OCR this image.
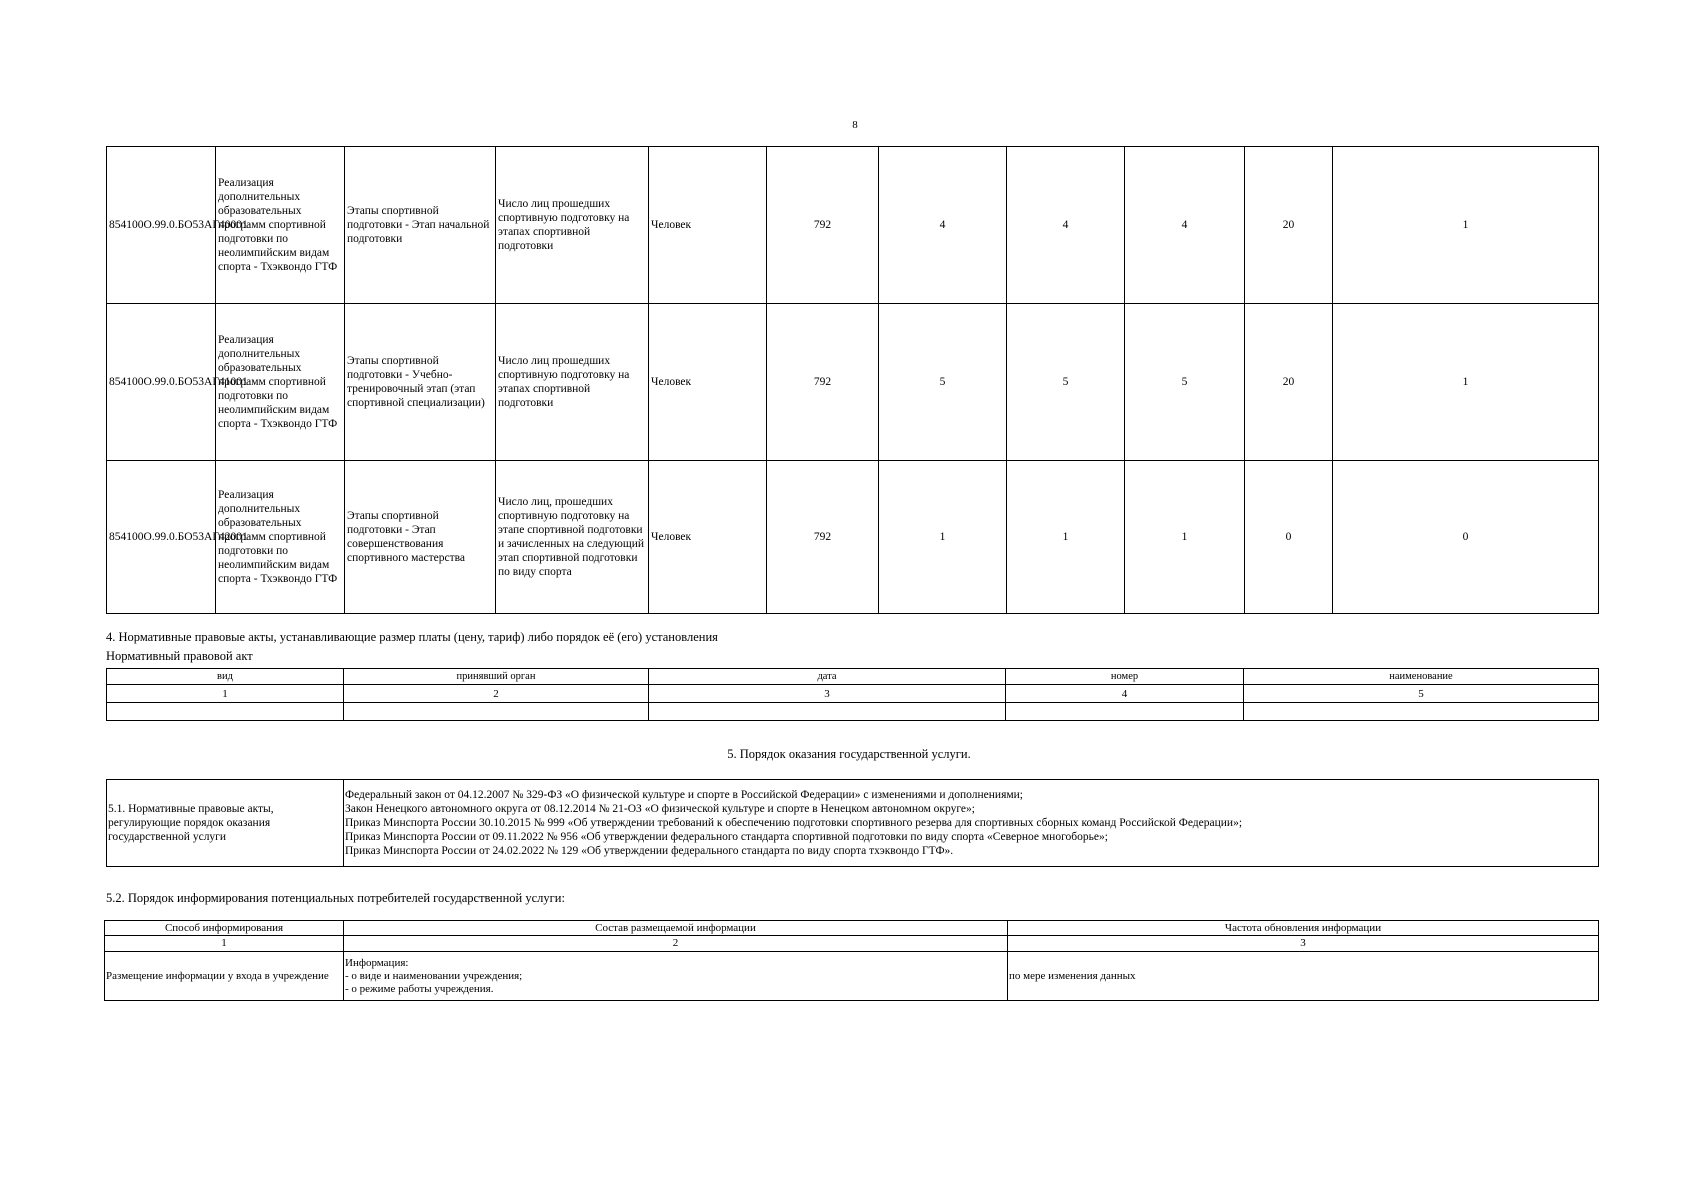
8
854100О.99.0.БО53АГ40001	Реализация дополнительных образовательных программ спортивной подготовки по неолимпийским видам спорта - Тхэквондо ГТФ	Этапы спортивной подготовки - Этап начальной подготовки	Число лиц прошедших спортивную подготовку на этапах спортивной подготовки	Человек	792	4	4	4	20	1
854100О.99.0.БО53АГ41001	Реализация дополнительных образовательных программ спортивной подготовки по неолимпийским видам спорта - Тхэквондо ГТФ	Этапы спортивной подготовки - Учебно-тренировочный этап (этап спортивной специализации)	Число лиц прошедших спортивную подготовку на этапах спортивной подготовки	Человек	792	5	5	5	20	1
854100О.99.0.БО53АГ42001	Реализация дополнительных образовательных программ спортивной подготовки по неолимпийским видам спорта - Тхэквондо ГТФ	Этапы спортивной подготовки - Этап совершенствования спортивного мастерства	Число лиц, прошедших спортивную подготовку на этапе спортивной подготовки и зачисленных на следующий этап спортивной подготовки по виду спорта	Человек	792	1	1	1	0	0
4. Нормативные правовые акты, устанавливающие размер платы (цену, тариф) либо порядок её (его) установления
Нормативный правовой акт
вид	принявший орган	дата	номер	наименование
1	2	3	4	5

5. Порядок оказания государственной услуги.
5.1. Нормативные правовые акты, регулирующие порядок оказания государственной услуги	
Федеральный закон от 04.12.2007 № 329-ФЗ «О физической культуре и спорте в Российской Федерации» с изменениями и дополнениями;
Закон Ненецкого автономного округа от 08.12.2014 № 21-ОЗ «О физической культуре и спорте в Ненецком автономном округе»;
Приказ Минспорта России 30.10.2015 № 999 «Об утверждении требований к обеспечению подготовки спортивного резерва для спортивных сборных команд Российской Федерации»;
Приказ Минспорта России от 09.11.2022 № 956 «Об утверждении федерального стандарта спортивной подготовки по виду спорта «Северное многоборье»;
Приказ Минспорта России от 24.02.2022 № 129 «Об утверждении федерального стандарта по виду спорта тхэквондо ГТФ».
5.2. Порядок информирования потенциальных потребителей государственной услуги:
Способ информирования	Состав размещаемой информации	Частота обновления информации
1	2	3
Размещение информации у входа в учреждение	Информация:
- о виде и наименовании учреждения;
- о режиме работы учреждения.	по мере изменения данных
